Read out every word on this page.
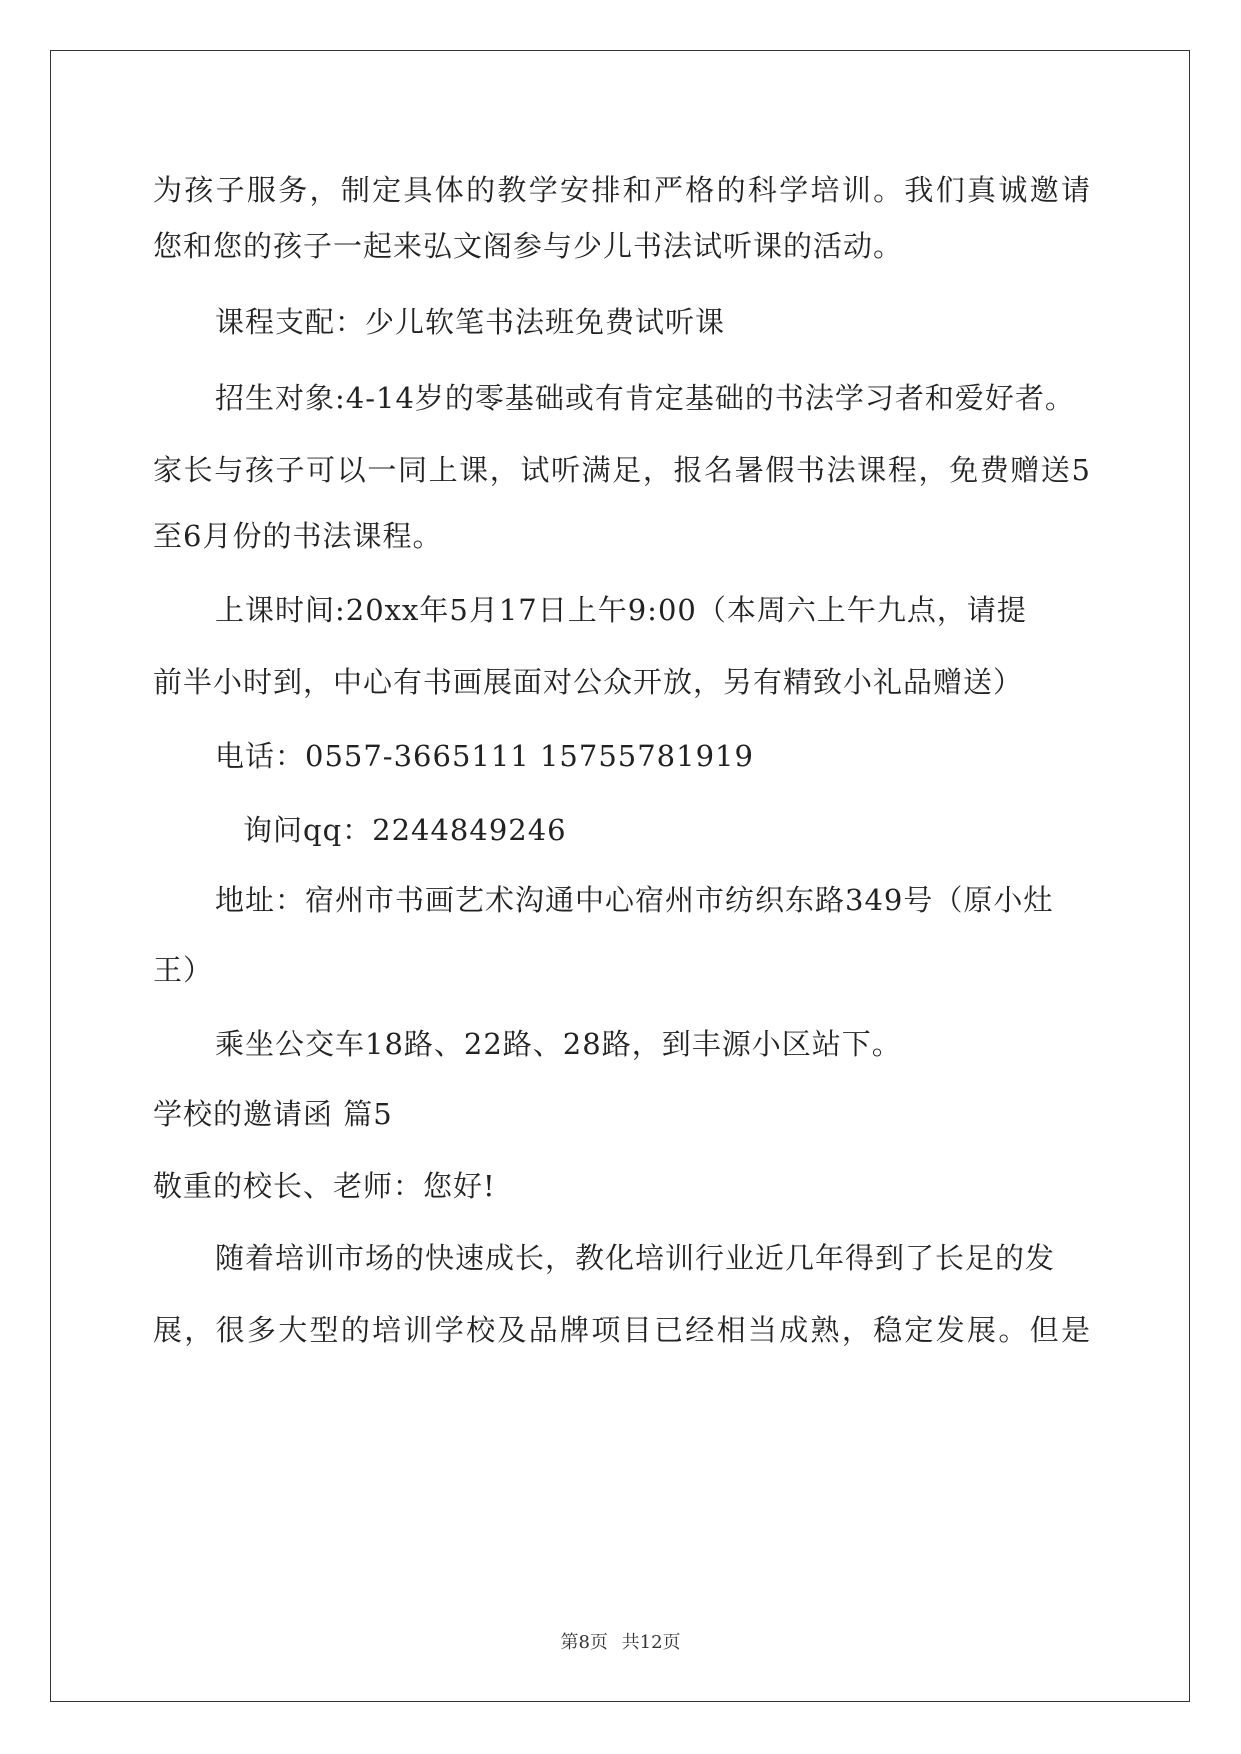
为孩子服务，制定具体的教学安排和严格的科学培训。我们真诚邀请
您和您的孩子一起来弘文阁参与少儿书法试听课的活动。
课程支配：少儿软笔书法班免费试听课
招生对象:4-14岁的零基础或有肯定基础的书法学习者和爱好者。
家长与孩子可以一同上课，试听满足，报名暑假书法课程，免费赠送5
至6月份的书法课程。
上课时间:20xx年5月17日上午9:00（本周六上午九点，请提
前半小时到，中心有书画展面对公众开放，另有精致小礼品赠送）
电话：0557-3665111 15755781919
询问qq：2244849246
地址：宿州市书画艺术沟通中心宿州市纺织东路349号（原小灶
王）
乘坐公交车18路、22路、28路，到丰源小区站下。
学校的邀请函 篇5
敬重的校长、老师：您好!
随着培训市场的快速成长，教化培训行业近几年得到了长足的发
展，很多大型的培训学校及品牌项目已经相当成熟，稳定发展。但是
第8页 共12页
